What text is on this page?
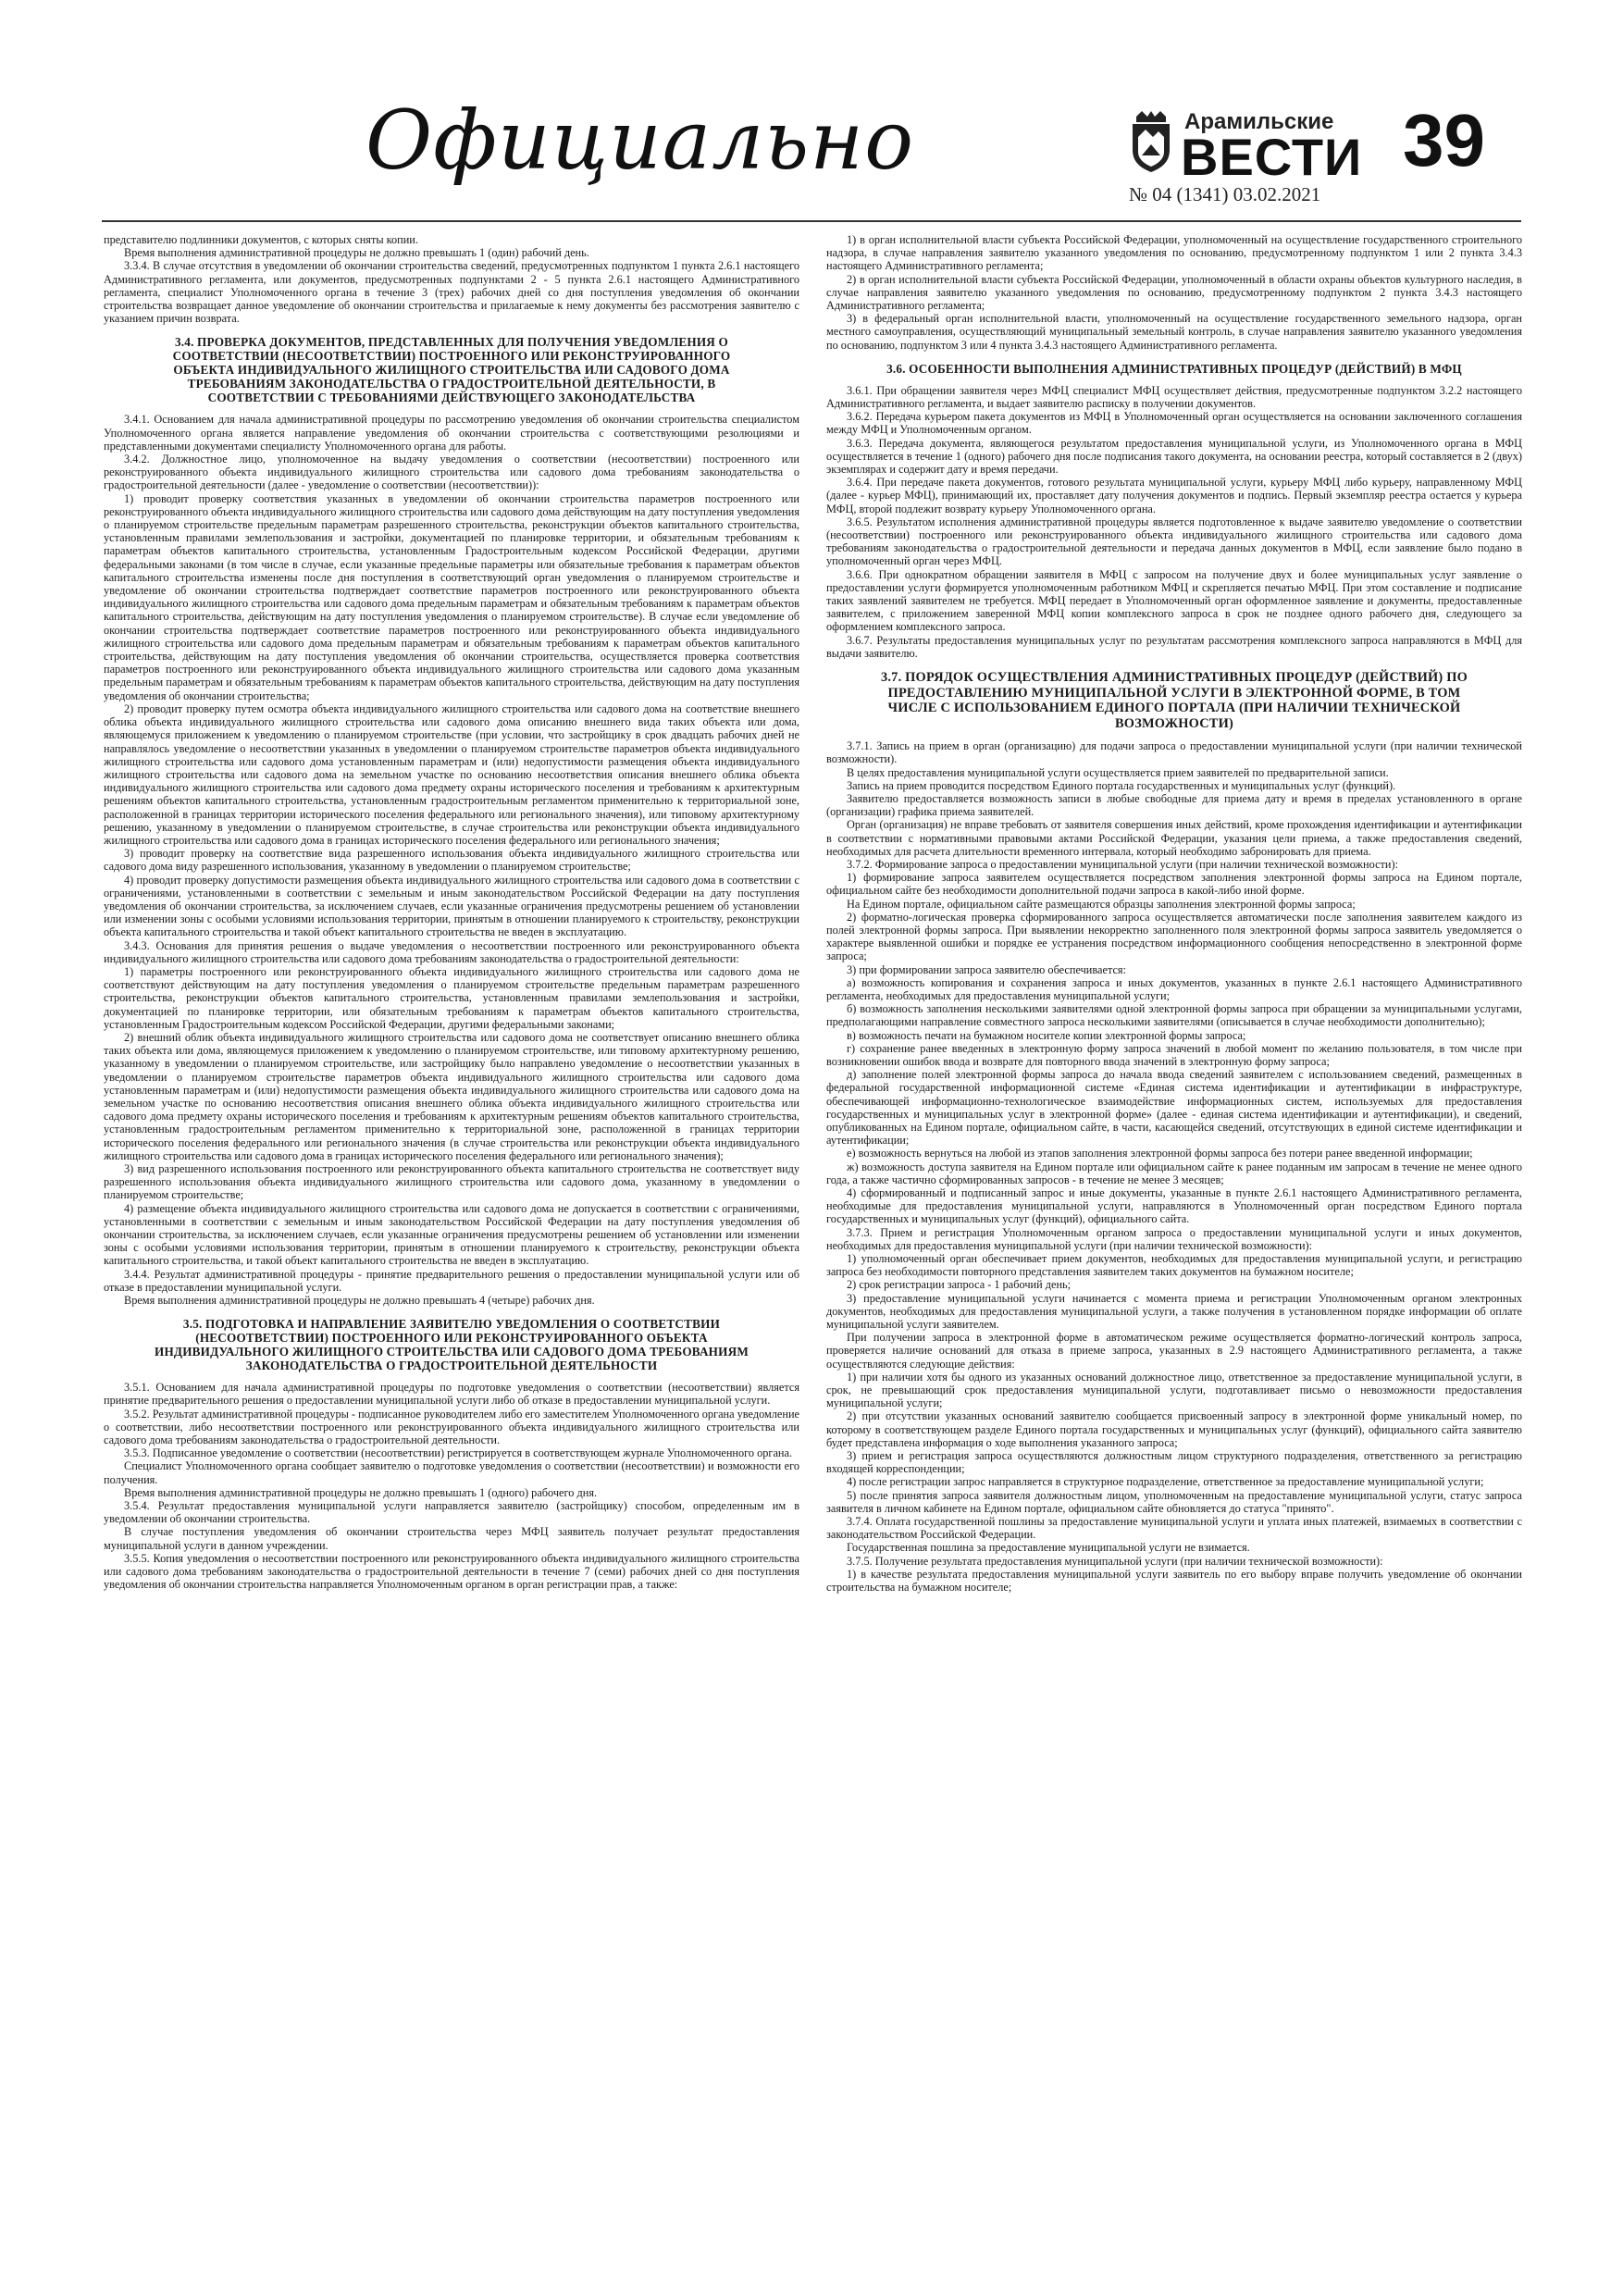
Официально	Арамильские
ВЕСТИ 39
№ 04 (1341) 03.02.2021

представителю подлинники документов, с которых сняты копии.

Время выполнения административной процедуры не должно превышать 1 (один) рабочий день.

3.3.4. В случае отсутствия в уведомлении об окончании строительства сведений, предусмотренных подпунктом 1 пункта 2.6.1 настоящего Административного регламента, или документов, предусмотренных подпунктами 2 - 5 пункта 2.6.1 настоящего Административного регламента, специалист Уполномоченного органа в течение 3 (трех) рабочих дней со дня поступления уведомления об окончании строительства возвращает данное уведомление об окончании строительства и прилагаемые к нему документы без рассмотрения заявителю с указанием причин возврата.

3.4. ПРОВЕРКА ДОКУМЕНТОВ, ПРЕДСТАВЛЕННЫХ ДЛЯ ПОЛУЧЕНИЯ УВЕДОМЛЕНИЯ О СООТВЕТСТВИИ (НЕСООТВЕТСТВИИ) ПОСТРОЕННОГО ИЛИ РЕКОНСТРУИРОВАННОГО ОБЪЕКТА ИНДИВИДУАЛЬНОГО ЖИЛИЩНОГО СТРОИТЕЛЬСТВА ИЛИ САДОВОГО ДОМА ТРЕБОВАНИЯМ ЗАКОНОДАТЕЛЬСТВА О ГРАДОСТРОИТЕЛЬНОЙ ДЕЯТЕЛЬНОСТИ, В СООТВЕТСТВИИ С ТРЕБОВАНИЯМИ ДЕЙСТВУЮЩЕГО ЗАКОНОДАТЕЛЬСТВА

3.4.1. Основанием для начала административной процедуры по рассмотрению уведомления об окончании строительства специалистом Уполномоченного органа является направление уведомления об окончании строительства с соответствующими резолюциями и представленными документами специалисту Уполномоченного органа для работы.

3.4.2. Должностное лицо, уполномоченное на выдачу уведомления о соответствии (несоответствии) построенного или реконструированного объекта индивидуального жилищного строительства или садового дома требованиям законодательства о градостроительной деятельности (далее - уведомление о соответствии (несоответствии)):

1) проводит проверку соответствия указанных в уведомлении об окончании строительства параметров построенного или реконструированного объекта индивидуального жилищного строительства или садового дома действующим на дату поступления уведомления о планируемом строительстве предельным параметрам разрешенного строительства, реконструкции объектов капитального строительства, установленным правилами землепользования и застройки, документацией по планировке территории, и обязательным требованиям к параметрам объектов капитального строительства, установленным Градостроительным кодексом Российской Федерации, другими федеральными законами (в том числе в случае, если указанные предельные параметры или обязательные требования к параметрам объектов капитального строительства изменены после дня поступления в соответствующий орган уведомления о планируемом строительстве и уведомление об окончании строительства подтверждает соответствие параметров построенного или реконструированного объекта индивидуального жилищного строительства или садового дома предельным параметрам и обязательным требованиям к параметрам объектов капитального строительства, действующим на дату поступления уведомления о планируемом строительстве). В случае если уведомление об окончании строительства подтверждает соответствие параметров построенного или реконструированного объекта индивидуального жилищного строительства или садового дома предельным параметрам и обязательным требованиям к параметрам объектов капитального строительства, действующим на дату поступления уведомления об окончании строительства, осуществляется проверка соответствия параметров построенного или реконструированного объекта индивидуального жилищного строительства или садового дома указанным предельным параметрам и обязательным требованиям к параметрам объектов капитального строительства, действующим на дату поступления уведомления об окончании строительства;

2) проводит проверку путем осмотра объекта индивидуального жилищного строительства или садового дома на соответствие внешнего облика объекта индивидуального жилищного строительства или садового дома описанию внешнего вида таких объекта или дома, являющемуся приложением к уведомлению о планируемом строительстве (при условии, что застройщику в срок двадцать рабочих дней не направлялось уведомление о несоответствии указанных в уведомлении о планируемом строительстве параметров объекта индивидуального жилищного строительства или садового дома установленным параметрам и (или) недопустимости размещения объекта индивидуального жилищного строительства или садового дома на земельном участке по основанию несоответствия описания внешнего облика объекта индивидуального жилищного строительства или садового дома предмету охраны исторического поселения и требованиям к архитектурным решениям объектов капитального строительства, установленным градостроительным регламентом применительно к территориальной зоне, расположенной в границах территории исторического поселения федерального или регионального значения), или типовому архитектурному решению, указанному в уведомлении о планируемом строительстве, в случае строительства или реконструкции объекта индивидуального жилищного строительства или садового дома в границах исторического поселения федерального или регионального значения;

3) проводит проверку на соответствие вида разрешенного использования объекта индивидуального жилищного строительства или садового дома виду разрешенного использования, указанному в уведомлении о планируемом строительстве;

4) проводит проверку допустимости размещения объекта индивидуального жилищного строительства или садового дома в соответствии с ограничениями, установленными в соответствии с земельным и иным законодательством Российской Федерации на дату поступления уведомления об окончании строительства, за исключением случаев, если указанные ограничения предусмотрены решением об установлении или изменении зоны с особыми условиями использования территории, принятым в отношении планируемого к строительству, реконструкции объекта капитального строительства и такой объект капитального строительства не введен в эксплуатацию.

3.4.3. Основания для принятия решения о выдаче уведомления о несоответствии построенного или реконструированного объекта индивидуального жилищного строительства или садового дома требованиям законодательства о градостроительной деятельности:

1) параметры построенного или реконструированного объекта индивидуального жилищного строительства или садового дома не соответствуют действующим на дату поступления уведомления о планируемом строительстве предельным параметрам разрешенного строительства, реконструкции объектов капитального строительства, установленным правилами землепользования и застройки, документацией по планировке территории, или обязательным требованиям к параметрам объектов капитального строительства, установленным Градостроительным кодексом Российской Федерации, другими федеральными законами;

2) внешний облик объекта индивидуального жилищного строительства или садового дома не соответствует описанию внешнего облика таких объекта или дома, являющемуся приложением к уведомлению о планируемом строительстве, или типовому архитектурному решению, указанному в уведомлении о планируемом строительстве, или застройщику было направлено уведомление о несоответствии указанных в уведомлении о планируемом строительстве параметров объекта индивидуального жилищного строительства или садового дома установленным параметрам и (или) недопустимости размещения объекта индивидуального жилищного строительства или садового дома на земельном участке по основанию несоответствия описания внешнего облика объекта индивидуального жилищного строительства или садового дома предмету охраны исторического поселения и требованиям к архитектурным решениям объектов капитального строительства, установленным градостроительным регламентом применительно к территориальной зоне, расположенной в границах территории исторического поселения федерального или регионального значения (в случае строительства или реконструкции объекта индивидуального жилищного строительства или садового дома в границах исторического поселения федерального или регионального значения);

3) вид разрешенного использования построенного или реконструированного объекта капитального строительства не соответствует виду разрешенного использования объекта индивидуального жилищного строительства или садового дома, указанному в уведомлении о планируемом строительстве;

4) размещение объекта индивидуального жилищного строительства или садового дома не допускается в соответствии с ограничениями, установленными в соответствии с земельным и иным законодательством Российской Федерации на дату поступления уведомления об окончании строительства, за исключением случаев, если указанные ограничения предусмотрены решением об установлении или изменении зоны с особыми условиями использования территории, принятым в отношении планируемого к строительству, реконструкции объекта капитального строительства, и такой объект капитального строительства не введен в эксплуатацию.

3.4.4. Результат административной процедуры - принятие предварительного решения о предоставлении муниципальной услуги или об отказе в предоставлении муниципальной услуги.

Время выполнения административной процедуры не должно превышать 4 (четыре) рабочих дня.

3.5. ПОДГОТОВКА И НАПРАВЛЕНИЕ ЗАЯВИТЕЛЮ УВЕДОМЛЕНИЯ О СООТВЕТСТВИИ (НЕСООТВЕТСТВИИ) ПОСТРОЕННОГО ИЛИ РЕКОНСТРУИРОВАННОГО ОБЪЕКТА ИНДИВИДУАЛЬНОГО ЖИЛИЩНОГО СТРОИТЕЛЬСТВА ИЛИ САДОВОГО ДОМА ТРЕБОВАНИЯМ ЗАКОНОДАТЕЛЬСТВА О ГРАДОСТРОИТЕЛЬНОЙ ДЕЯТЕЛЬНОСТИ

3.5.1. Основанием для начала административной процедуры по подготовке уведомления о соответствии (несоответствии) является принятие предварительного решения о предоставлении муниципальной услуги либо об отказе в предоставлении муниципальной услуги.

3.5.2. Результат административной процедуры - подписанное руководителем либо его заместителем Уполномоченного органа уведомление о соответствии, либо несоответствии построенного или реконструированного объекта индивидуального жилищного строительства или садового дома требованиям законодательства о градостроительной деятельности.

3.5.3. Подписанное уведомление о соответствии (несоответствии) регистрируется в соответствующем журнале Уполномоченного органа.

Специалист Уполномоченного органа сообщает заявителю о подготовке уведомления о соответствии (несоответствии) и возможности его получения.

Время выполнения административной процедуры не должно превышать 1 (одного) рабочего дня.

3.5.4. Результат предоставления муниципальной услуги направляется заявителю (застройщику) способом, определенным им в уведомлении об окончании строительства.

В случае поступления уведомления об окончании строительства через МФЦ заявитель получает результат предоставления муниципальной услуги в данном учреждении.

3.5.5. Копия уведомления о несоответствии построенного или реконструированного объекта индивидуального жилищного строительства или садового дома требованиям законодательства о градостроительной деятельности в течение 7 (семи) рабочих дней со дня поступления уведомления об окончании строительства направляется Уполномоченным органом в орган регистрации прав, а также:

1) в орган исполнительной власти субъекта Российской Федерации, уполномоченный на осуществление государственного строительного надзора, в случае направления заявителю указанного уведомления по основанию, предусмотренному подпунктом 1 или 2 пункта 3.4.3 настоящего Административного регламента;

2) в орган исполнительной власти субъекта Российской Федерации, уполномоченный в области охраны объектов культурного наследия, в случае направления заявителю указанного уведомления по основанию, предусмотренному подпунктом 2 пункта 3.4.3 настоящего Административного регламента;

3) в федеральный орган исполнительной власти, уполномоченный на осуществление государственного земельного надзора, орган местного самоуправления, осуществляющий муниципальный земельный контроль, в случае направления заявителю указанного уведомления по основанию, подпунктом 3 или 4 пункта 3.4.3 настоящего Административного регламента.

3.6. ОСОБЕННОСТИ ВЫПОЛНЕНИЯ АДМИНИСТРАТИВНЫХ ПРОЦЕДУР (ДЕЙСТВИЙ) В МФЦ

3.6.1. При обращении заявителя через МФЦ специалист МФЦ осуществляет действия, предусмотренные подпунктом 3.2.2 настоящего Административного регламента, и выдает заявителю расписку в получении документов.

3.6.2. Передача курьером пакета документов из МФЦ в Уполномоченный орган осуществляется на основании заключенного соглашения между МФЦ и Уполномоченным органом.

3.6.3. Передача документа, являющегося результатом предоставления муниципальной услуги, из Уполномоченного органа в МФЦ осуществляется в течение 1 (одного) рабочего дня после подписания такого документа, на основании реестра, который составляется в 2 (двух) экземплярах и содержит дату и время передачи.

3.6.4. При передаче пакета документов, готового результата муниципальной услуги, курьеру МФЦ либо курьеру, направленному МФЦ (далее - курьер МФЦ), принимающий их, проставляет дату получения документов и подпись. Первый экземпляр реестра остается у курьера МФЦ, второй подлежит возврату курьеру Уполномоченного органа.

3.6.5. Результатом исполнения административной процедуры является подготовленное к выдаче заявителю уведомление о соответствии (несоответствии) построенного или реконструированного объекта индивидуального жилищного строительства или садового дома требованиям законодательства о градостроительной деятельности и передача данных документов в МФЦ, если заявление было подано в уполномоченный орган через МФЦ.

3.6.6. При однократном обращении заявителя в МФЦ с запросом на получение двух и более муниципальных услуг заявление о предоставлении услуги формируется уполномоченным работником МФЦ и скрепляется печатью МФЦ. При этом составление и подписание таких заявлений заявителем не требуется. МФЦ передает в Уполномоченный орган оформленное заявление и документы, предоставленные заявителем, с приложением заверенной МФЦ копии комплексного запроса в срок не позднее одного рабочего дня, следующего за оформлением комплексного запроса.

3.6.7. Результаты предоставления муниципальных услуг по результатам рассмотрения комплексного запроса направляются в МФЦ для выдачи заявителю.

3.7. ПОРЯДОК ОСУЩЕСТВЛЕНИЯ АДМИНИСТРАТИВНЫХ ПРОЦЕДУР (ДЕЙСТВИЙ) ПО ПРЕДОСТАВЛЕНИЮ МУНИЦИПАЛЬНОЙ УСЛУГИ В ЭЛЕКТРОННОЙ ФОРМЕ, В ТОМ ЧИСЛЕ С ИСПОЛЬЗОВАНИЕМ ЕДИНОГО ПОРТАЛА (ПРИ НАЛИЧИИ ТЕХНИЧЕСКОЙ ВОЗМОЖНОСТИ)

3.7.1. Запись на прием в орган (организацию) для подачи запроса о предоставлении муниципальной услуги (при наличии технической возможности).

В целях предоставления муниципальной услуги осуществляется прием заявителей по предварительной записи.

Запись на прием проводится посредством Единого портала государственных и муниципальных услуг (функций).

Заявителю предоставляется возможность записи в любые свободные для приема дату и время в пределах установленного в органе (организации) графика приема заявителей.

Орган (организация) не вправе требовать от заявителя совершения иных действий, кроме прохождения идентификации и аутентификации в соответствии с нормативными правовыми актами Российской Федерации, указания цели приема, а также предоставления сведений, необходимых для расчета длительности временного интервала, который необходимо забронировать для приема.

3.7.2. Формирование запроса о предоставлении муниципальной услуги (при наличии технической возможности):

1) формирование запроса заявителем осуществляется посредством заполнения электронной формы запроса на Едином портале, официальном сайте без необходимости дополнительной подачи запроса в какой-либо иной форме.

На Едином портале, официальном сайте размещаются образцы заполнения электронной формы запроса;

2) форматно-логическая проверка сформированного запроса осуществляется автоматически после заполнения заявителем каждого из полей электронной формы запроса. При выявлении некорректно заполненного поля электронной формы запроса заявитель уведомляется о характере выявленной ошибки и порядке ее устранения посредством информационного сообщения непосредственно в электронной форме запроса;

3) при формировании запроса заявителю обеспечивается:

а) возможность копирования и сохранения запроса и иных документов, указанных в пункте 2.6.1 настоящего Административного регламента, необходимых для предоставления муниципальной услуги;

б) возможность заполнения несколькими заявителями одной электронной формы запроса при обращении за муниципальными услугами, предполагающими направление совместного запроса несколькими заявителями (описывается в случае необходимости дополнительно);

в) возможность печати на бумажном носителе копии электронной формы запроса;

г) сохранение ранее введенных в электронную форму запроса значений в любой момент по желанию пользователя, в том числе при возникновении ошибок ввода и возврате для повторного ввода значений в электронную форму запроса;

д) заполнение полей электронной формы запроса до начала ввода сведений заявителем с использованием сведений, размещенных в федеральной государственной информационной системе «Единая система идентификации и аутентификации в инфраструктуре, обеспечивающей информационно-технологическое взаимодействие информационных систем, используемых для предоставления государственных и муниципальных услуг в электронной форме» (далее - единая система идентификации и аутентификации), и сведений, опубликованных на Едином портале, официальном сайте, в части, касающейся сведений, отсутствующих в единой системе идентификации и аутентификации;

е) возможность вернуться на любой из этапов заполнения электронной формы запроса без потери ранее введенной информации;

ж) возможность доступа заявителя на Едином портале или официальном сайте к ранее поданным им запросам в течение не менее одного года, а также частично сформированных запросов - в течение не менее 3 месяцев;

4) сформированный и подписанный запрос и иные документы, указанные в пункте 2.6.1 настоящего Административного регламента, необходимые для предоставления муниципальной услуги, направляются в Уполномоченный орган посредством Единого портала государственных и муниципальных услуг (функций), официального сайта.

3.7.3. Прием и регистрация Уполномоченным органом запроса о предоставлении муниципальной услуги и иных документов, необходимых для предоставления муниципальной услуги (при наличии технической возможности):

1) уполномоченный орган обеспечивает прием документов, необходимых для предоставления муниципальной услуги, и регистрацию запроса без необходимости повторного представления заявителем таких документов на бумажном носителе;

2) срок регистрации запроса - 1 рабочий день;

3) предоставление муниципальной услуги начинается с момента приема и регистрации Уполномоченным органом электронных документов, необходимых для предоставления муниципальной услуги, а также получения в установленном порядке информации об оплате муниципальной услуги заявителем.

При получении запроса в электронной форме в автоматическом режиме осуществляется форматно-логический контроль запроса, проверяется наличие оснований для отказа в приеме запроса, указанных в 2.9 настоящего Административного регламента, а также осуществляются следующие действия:

1) при наличии хотя бы одного из указанных оснований должностное лицо, ответственное за предоставление муниципальной услуги, в срок, не превышающий срок предоставления муниципальной услуги, подготавливает письмо о невозможности предоставления муниципальной услуги;

2) при отсутствии указанных оснований заявителю сообщается присвоенный запросу в электронной форме уникальный номер, по которому в соответствующем разделе Единого портала государственных и муниципальных услуг (функций), официального сайта заявителю будет представлена информация о ходе выполнения указанного запроса;

3) прием и регистрация запроса осуществляются должностным лицом структурного подразделения, ответственного за регистрацию входящей корреспонденции;

4) после регистрации запрос направляется в структурное подразделение, ответственное за предоставление муниципальной услуги;

5) после принятия запроса заявителя должностным лицом, уполномоченным на предоставление муниципальной услуги, статус запроса заявителя в личном кабинете на Едином портале, официальном сайте обновляется до статуса "принято".

3.7.4. Оплата государственной пошлины за предоставление муниципальной услуги и уплата иных платежей, взимаемых в соответствии с законодательством Российской Федерации.

Государственная пошлина за предоставление муниципальной услуги не взимается.

3.7.5. Получение результата предоставления муниципальной услуги (при наличии технической возможности):

1) в качестве результата предоставления муниципальной услуги заявитель по его выбору вправе получить уведомление об окончании строительства на бумажном носителе;
